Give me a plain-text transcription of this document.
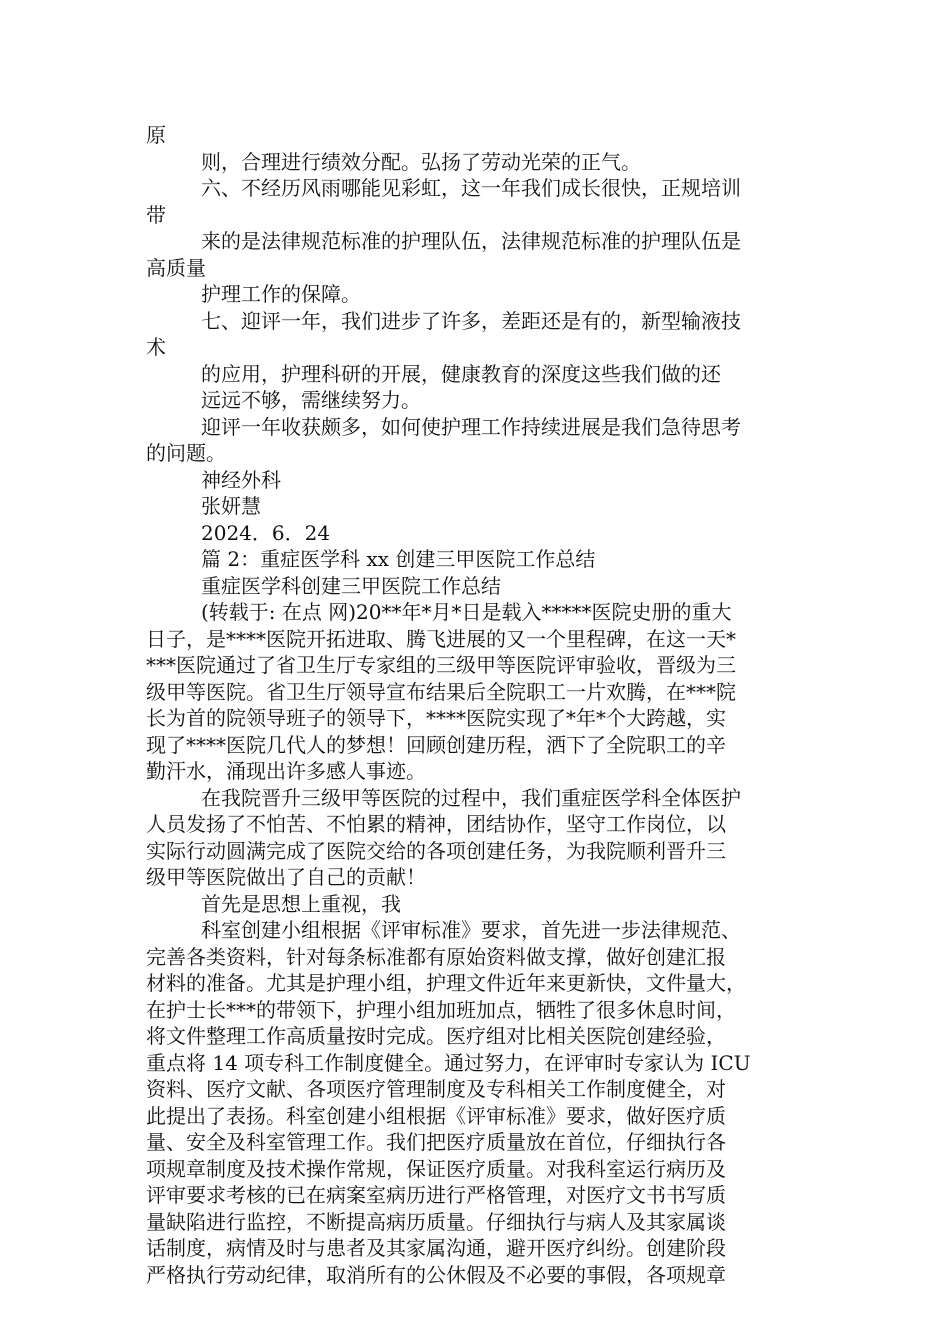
原
则，合理进行绩效分配。弘扬了劳动光荣的正气。
六、不经历风雨哪能见彩虹，这一年我们成长很快，正规培训
带
来的是法律规范标准的护理队伍，法律规范标准的护理队伍是
高质量
护理工作的保障。
七、迎评一年，我们进步了许多，差距还是有的，新型输液技
术
的应用，护理科研的开展，健康教育的深度这些我们做的还
远远不够，需继续努力。
迎评一年收获颇多，如何使护理工作持续进展是我们急待思考
的问题。
神经外科
张妍慧
2024．6．24
篇 2：重症医学科 xx 创建三甲医院工作总结
重症医学科创建三甲医院工作总结
(转载于: 在点 网)20**年*月*日是载入*****医院史册的重大
日子，是****医院开拓进取、腾飞进展的又一个里程碑，在这一天*
***医院通过了省卫生厅专家组的三级甲等医院评审验收，晋级为三
级甲等医院。省卫生厅领导宣布结果后全院职工一片欢腾，在***院
长为首的院领导班子的领导下，****医院实现了*年*个大跨越，实
现了****医院几代人的梦想！回顾创建历程，洒下了全院职工的辛
勤汗水，涌现出许多感人事迹。
在我院晋升三级甲等医院的过程中，我们重症医学科全体医护
人员发扬了不怕苦、不怕累的精神，团结协作，坚守工作岗位，以
实际行动圆满完成了医院交给的各项创建任务，为我院顺利晋升三
级甲等医院做出了自己的贡献！
首先是思想上重视，我
科室创建小组根据《评审标准》要求，首先进一步法律规范、
完善各类资料，针对每条标准都有原始资料做支撑，做好创建汇报
材料的准备。尤其是护理小组，护理文件近年来更新快，文件量大，
在护士长***的带领下，护理小组加班加点，牺牲了很多休息时间，
将文件整理工作高质量按时完成。医疗组对比相关医院创建经验，
重点将 14 项专科工作制度健全。通过努力，在评审时专家认为 ICU
资料、医疗文献、各项医疗管理制度及专科相关工作制度健全，对
此提出了表扬。科室创建小组根据《评审标准》要求，做好医疗质
量、安全及科室管理工作。我们把医疗质量放在首位，仔细执行各
项规章制度及技术操作常规，保证医疗质量。对我科室运行病历及
评审要求考核的已在病案室病历进行严格管理，对医疗文书书写质
量缺陷进行监控，不断提高病历质量。仔细执行与病人及其家属谈
话制度，病情及时与患者及其家属沟通，避开医疗纠纷。创建阶段
严格执行劳动纪律，取消所有的公休假及不必要的事假，各项规章
